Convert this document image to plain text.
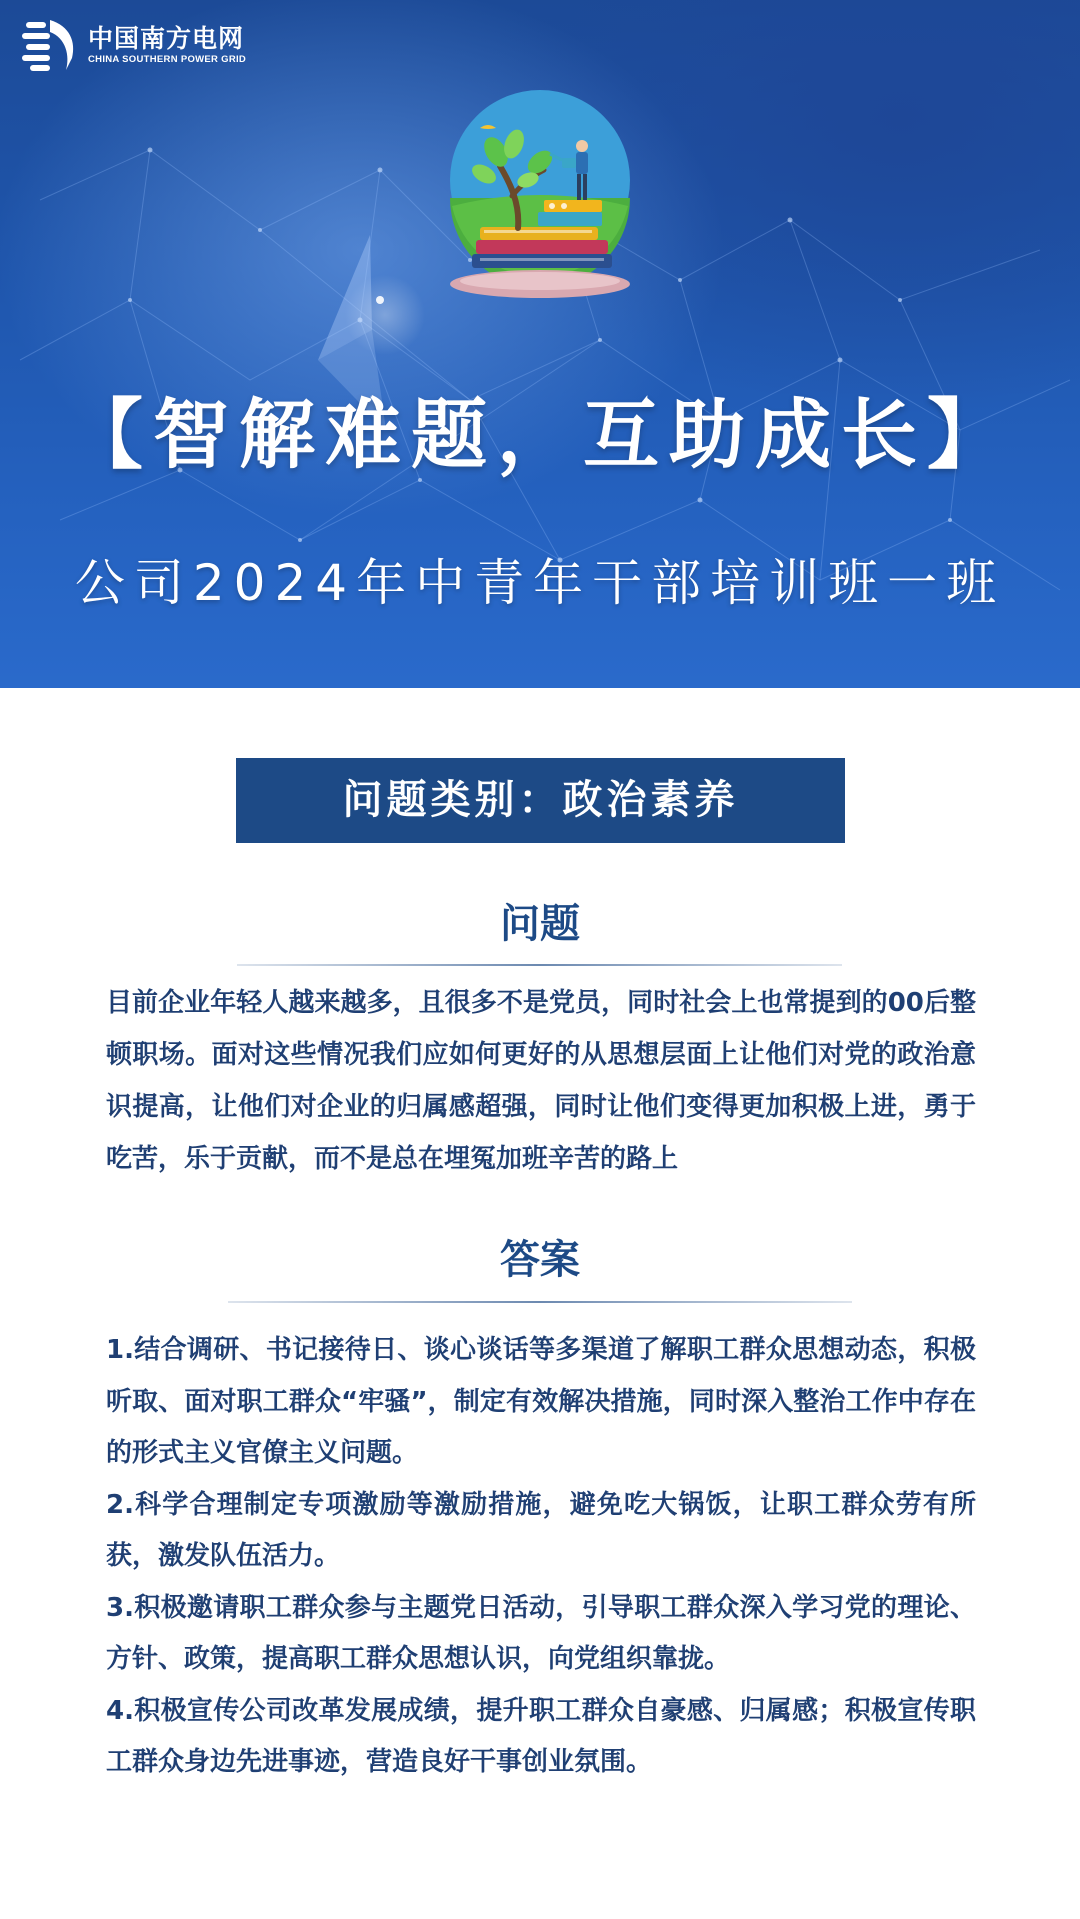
中国南方电网
CHINA SOUTHERN POWER GRID
【智解难题，互助成长】
公司2024年中青年干部培训班一班
问题类别：政治素养
问题
目前企业年轻人越来越多，且很多不是党员，同时社会上也常提到的00后整顿职场。面对这些情况我们应如何更好的从思想层面上让他们对党的政治意识提高，让他们对企业的归属感超强，同时让他们变得更加积极上进，勇于吃苦，乐于贡献，而不是总在埋冤加班辛苦的路上
答案
1.结合调研、书记接待日、谈心谈话等多渠道了解职工群众思想动态，积极听取、面对职工群众“牢骚”，制定有效解决措施，同时深入整治工作中存在的形式主义官僚主义问题。
2.科学合理制定专项激励等激励措施，避免吃大锅饭，让职工群众劳有所获，激发队伍活力。
3.积极邀请职工群众参与主题党日活动，引导职工群众深入学习党的理论、方针、政策，提高职工群众思想认识，向党组织靠拢。
4.积极宣传公司改革发展成绩，提升职工群众自豪感、归属感；积极宣传职工群众身边先进事迹，营造良好干事创业氛围。
